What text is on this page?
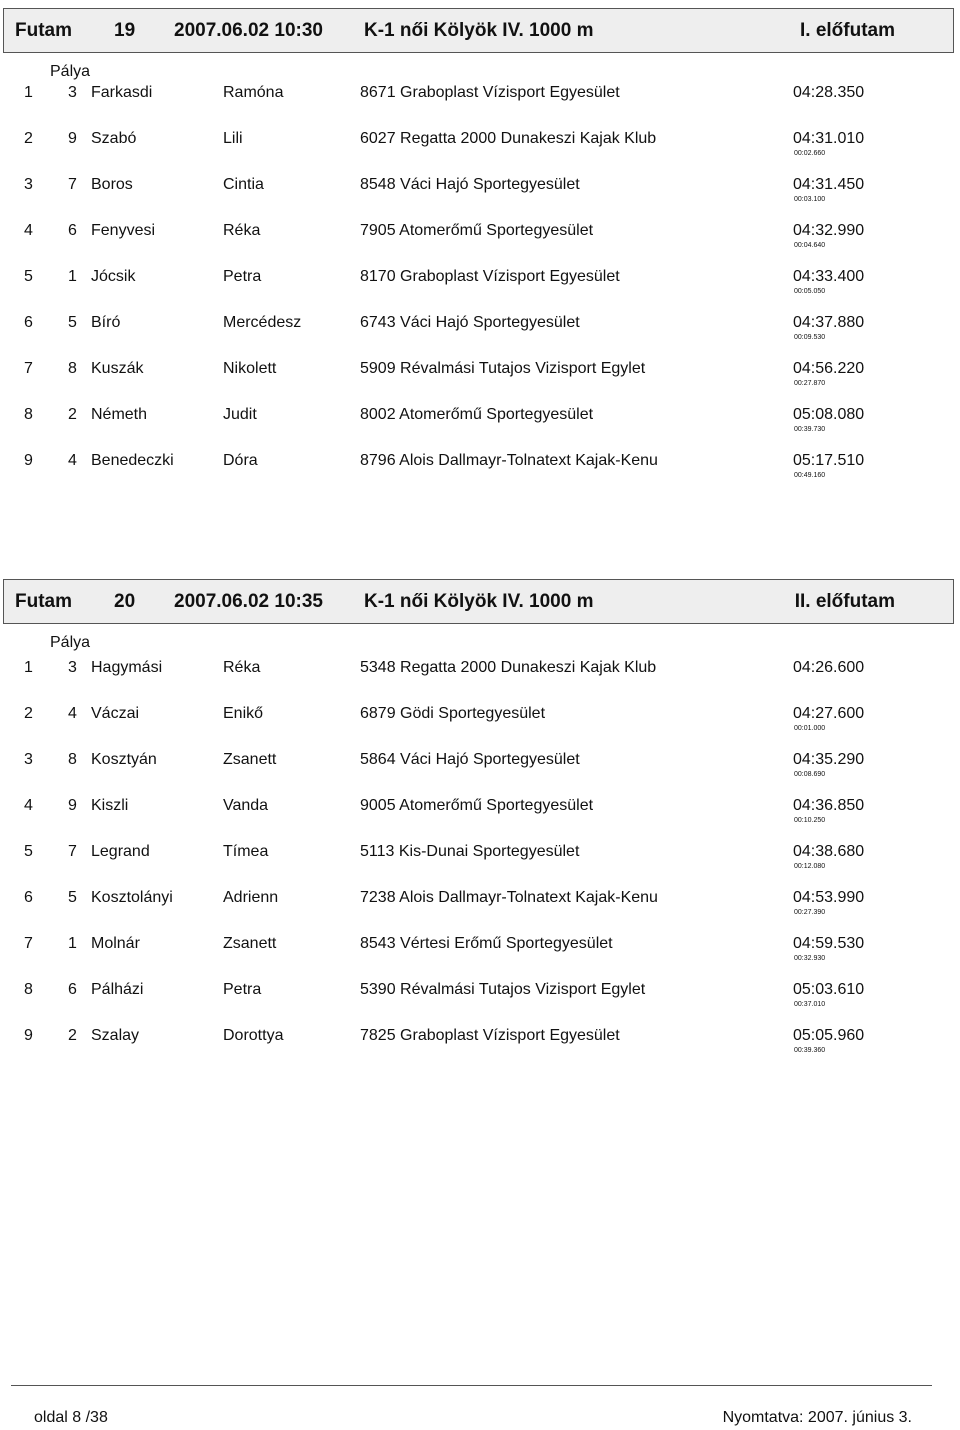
Futam 19 2007.06.02 10:30 K-1 női Kölyök IV. 1000 m	I. előfutam
Pálya
1 3 Farkasdi	Ramóna	8671 Graboplast Vízisport Egyesület	04:28.350
2 9 Szabó	Lili	6027 Regatta 2000 Dunakeszi Kajak Klub	04:31.010
00:02.660
3 7 Boros	Cintia	8548 Váci Hajó Sportegyesület	04:31.450
00:03.100
4 6 Fenyvesi	Réka	7905 Atomerőmű Sportegyesület	04:32.990
00:04.640
5 1 Jócsik	Petra	8170 Graboplast Vízisport Egyesület	04:33.400
00:05.050
6 5 Bíró	Mercédesz	6743 Váci Hajó Sportegyesület	04:37.880
00:09.530
7 8 Kuszák	Nikolett	5909 Révalmási Tutajos Vizisport Egylet	04:56.220
00:27.870
8 2 Németh	Judit	8002 Atomerőmű Sportegyesület	05:08.080
00:39.730
9 4 Benedeczki	Dóra	8796 Alois Dallmayr-Tolnatext Kajak-Kenu	05:17.510
00:49.160
Futam 20 2007.06.02 10:35 K-1 női Kölyök IV. 1000 m	II. előfutam
Pálya
1 3 Hagymási	Réka	5348 Regatta 2000 Dunakeszi Kajak Klub	04:26.600
2 4 Váczai	Enikő	6879 Gödi Sportegyesület	04:27.600
00:01.000
3 8 Kosztyán	Zsanett	5864 Váci Hajó Sportegyesület	04:35.290
00:08.690
4 9 Kiszli	Vanda	9005 Atomerőmű Sportegyesület	04:36.850
00:10.250
5 7 Legrand	Tímea	5113 Kis-Dunai Sportegyesület	04:38.680
00:12.080
6 5 Kosztolányi	Adrienn	7238 Alois Dallmayr-Tolnatext Kajak-Kenu	04:53.990
00:27.390
7 1 Molnár	Zsanett	8543 Vértesi Erőmű Sportegyesület	04:59.530
00:32.930
8 6 Pálházi	Petra	5390 Révalmási Tutajos Vizisport Egylet	05:03.610
00:37.010
9 2 Szalay	Dorottya	7825 Graboplast Vízisport Egyesület	05:05.960
00:39.360
oldal 8 /38	Nyomtatva: 2007. június 3.
